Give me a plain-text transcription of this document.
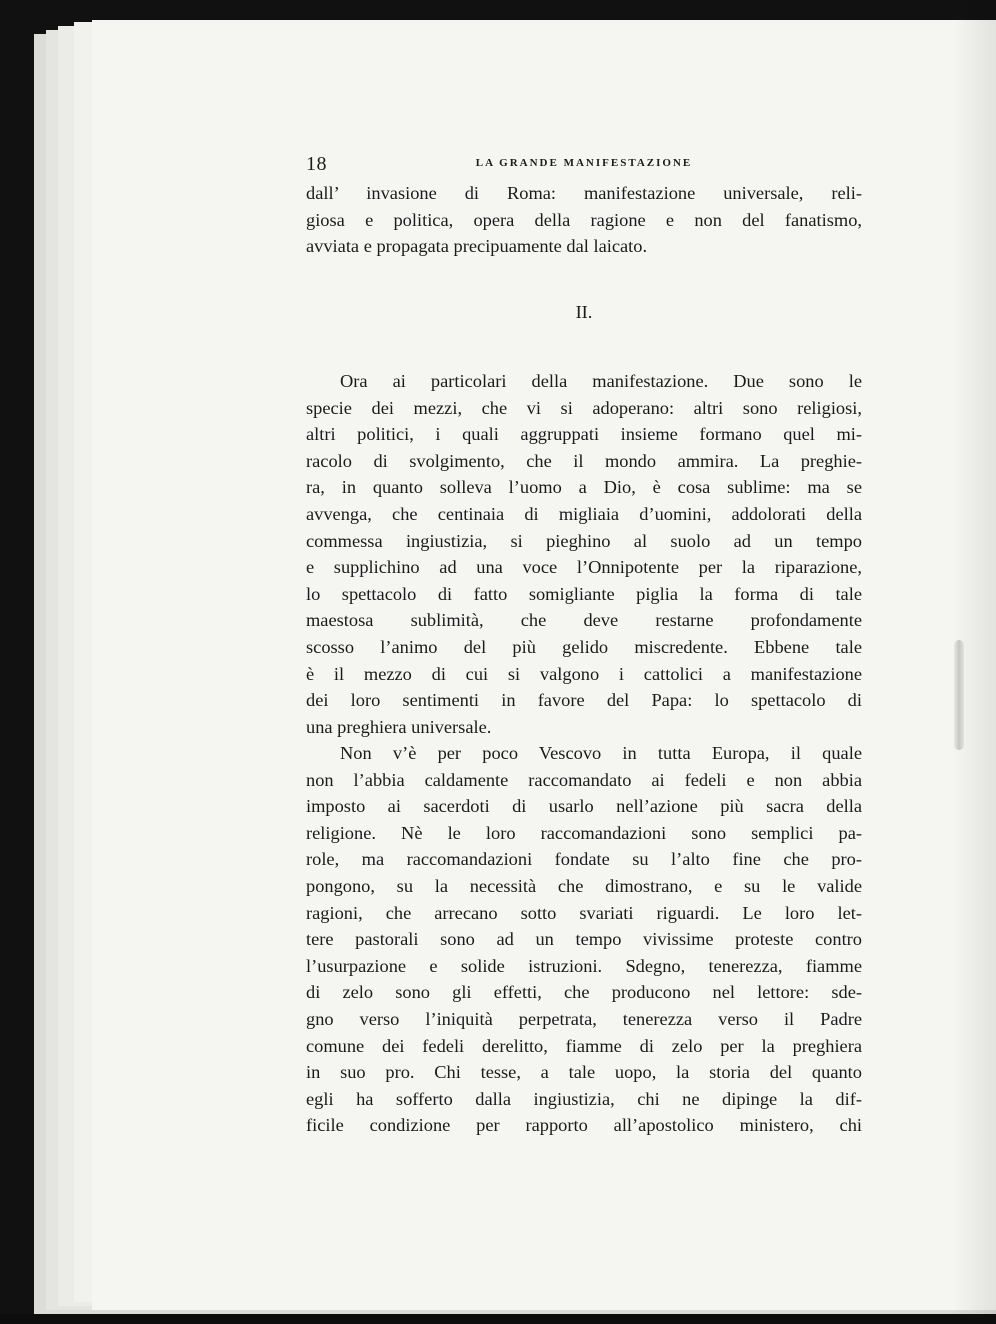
18	LA GRANDE MANIFESTAZIONE
dall’ invasione di Roma: manifestazione universale, reli-
giosa e politica, opera della ragione e non del fanatismo,
avviata e propagata precipuamente dal laicato.
II.
Ora ai particolari della manifestazione. Due sono le
specie dei mezzi, che vi si adoperano: altri sono religiosi,
altri politici, i quali aggruppati insieme formano quel mi-
racolo di svolgimento, che il mondo ammira. La preghie-
ra, in quanto solleva l’uomo a Dio, è cosa sublime: ma se
avvenga, che centinaia di migliaia d’uomini, addolorati della
commessa ingiustizia, si pieghino al suolo ad un tempo
e supplichino ad una voce l’Onnipotente per la riparazione,
lo spettacolo di fatto somigliante piglia la forma di tale
maestosa sublimità, che deve restarne profondamente
scosso l’animo del più gelido miscredente. Ebbene tale
è il mezzo di cui si valgono i cattolici a manifestazione
dei loro sentimenti in favore del Papa: lo spettacolo di
una preghiera universale.
Non v’è per poco Vescovo in tutta Europa, il quale
non l’abbia caldamente raccomandato ai fedeli e non abbia
imposto ai sacerdoti di usarlo nell’azione più sacra della
religione. Nè le loro raccomandazioni sono semplici pa-
role, ma raccomandazioni fondate su l’alto fine che pro-
pongono, su la necessità che dimostrano, e su le valide
ragioni, che arrecano sotto svariati riguardi. Le loro let-
tere pastorali sono ad un tempo vivissime proteste contro
l’usurpazione e solide istruzioni. Sdegno, tenerezza, fiamme
di zelo sono gli effetti, che producono nel lettore: sde-
gno verso l’iniquità perpetrata, tenerezza verso il Padre
comune dei fedeli derelitto, fiamme di zelo per la preghiera
in suo pro. Chi tesse, a tale uopo, la storia del quanto
egli ha sofferto dalla ingiustizia, chi ne dipinge la dif-
ficile condizione per rapporto all’apostolico ministero, chi
